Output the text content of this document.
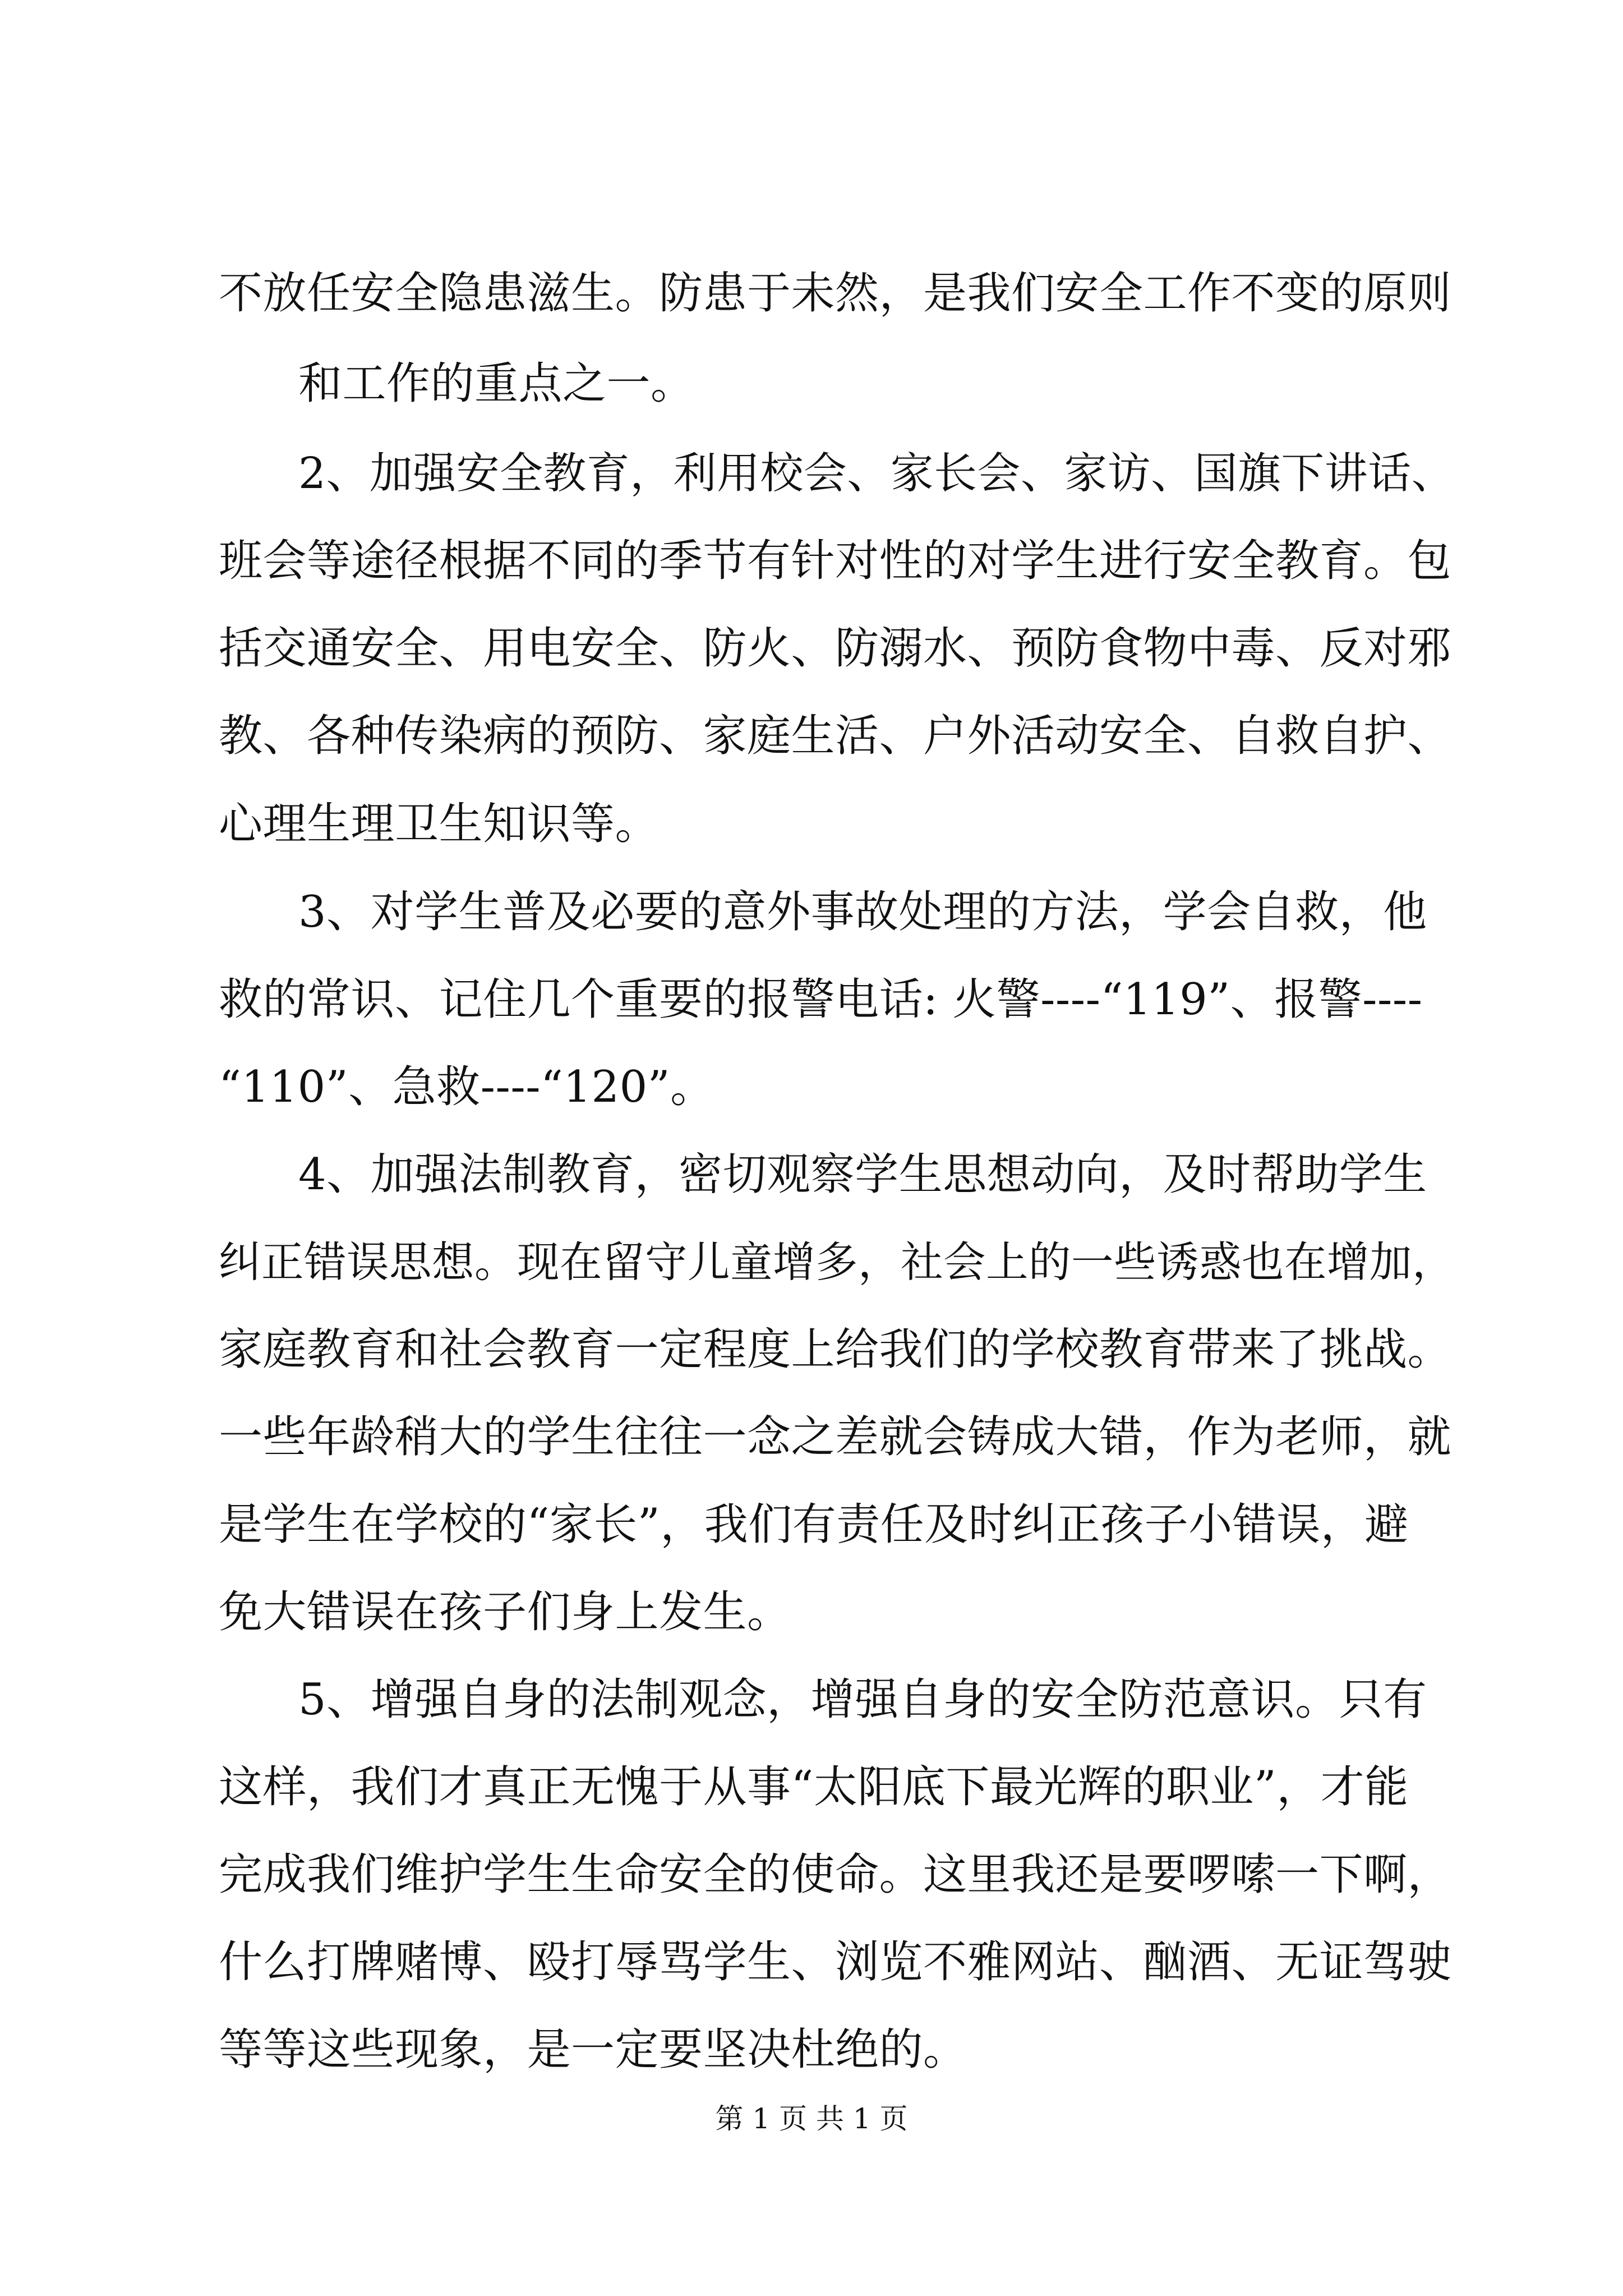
不放任安全隐患滋生。防患于未然，是我们安全工作不变的原则
和工作的重点之一。
2、加强安全教育，利用校会、家长会、家访、国旗下讲话、
班会等途径根据不同的季节有针对性的对学生进行安全教育。包
括交通安全、用电安全、防火、防溺水、预防食物中毒、反对邪
教、各种传染病的预防、家庭生活、户外活动安全、自救自护、
心理生理卫生知识等。
3、对学生普及必要的意外事故处理的方法，学会自救，他
救的常识、记住几个重要的报警电话: 火警----“119”、报警----
“110”、急救----“120”。
4、加强法制教育，密切观察学生思想动向，及时帮助学生
纠正错误思想。现在留守儿童增多，社会上的一些诱惑也在增加，
家庭教育和社会教育一定程度上给我们的学校教育带来了挑战。
一些年龄稍大的学生往往一念之差就会铸成大错，作为老师，就
是学生在学校的“家长”，我们有责任及时纠正孩子小错误，避
免大错误在孩子们身上发生。
5、增强自身的法制观念，增强自身的安全防范意识。只有
这样，我们才真正无愧于从事“太阳底下最光辉的职业”，才能
完成我们维护学生生命安全的使命。这里我还是要啰嗦一下啊，
什么打牌赌博、殴打辱骂学生、浏览不雅网站、酗酒、无证驾驶
等等这些现象，是一定要坚决杜绝的。
第 1 页 共 1 页
